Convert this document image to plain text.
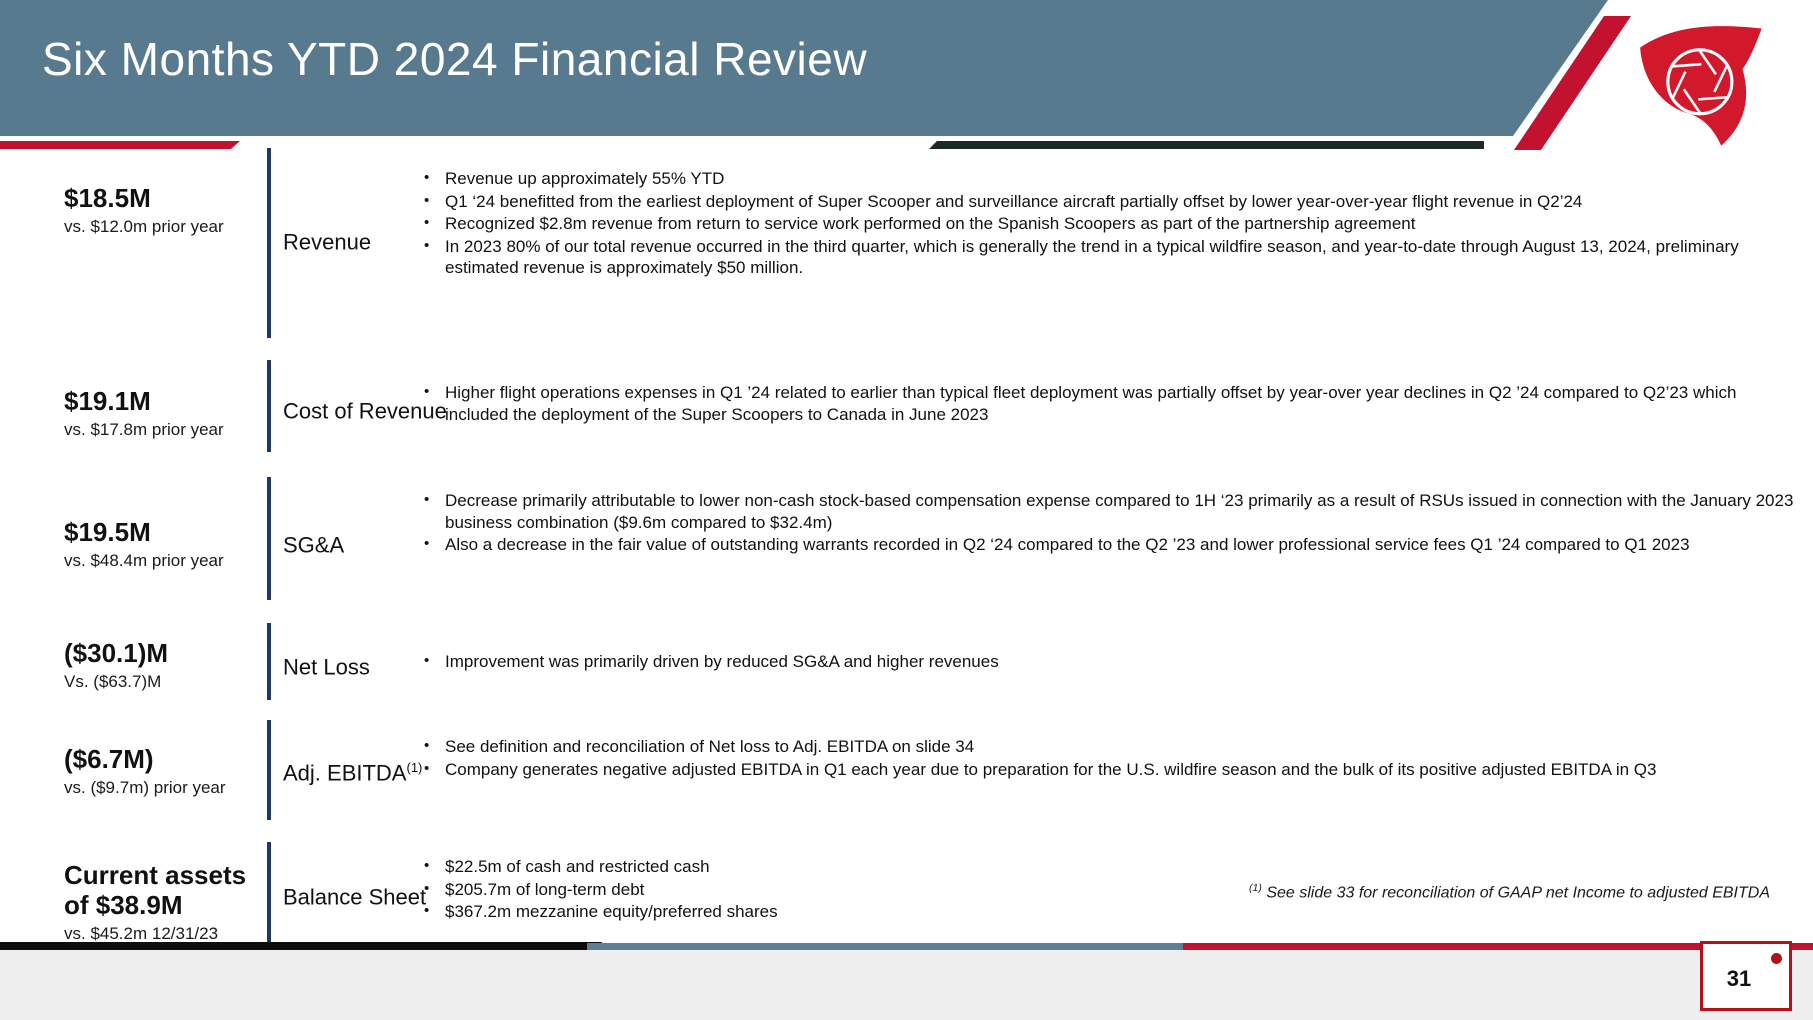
Six Months YTD 2024 Financial Review
$18.5M
vs. $12.0m prior year
Revenue
• Revenue up approximately 55% YTD
• Q1 ‘24 benefitted from the earliest deployment of Super Scooper and surveillance aircraft partially offset by lower year-over-year flight revenue in Q2’24
• Recognized $2.8m revenue from return to service work performed on the Spanish Scoopers as part of the partnership agreement
• In 2023 80% of our total revenue occurred in the third quarter, which is generally the trend in a typical wildfire season, and year-to-date through August 13, 2024, preliminary estimated revenue is approximately $50 million.
$19.1M
vs. $17.8m prior year
Cost of Revenue
• Higher flight operations expenses in Q1 ’24 related to earlier than typical fleet deployment was partially offset by year-over year declines in Q2 ’24 compared to Q2’23 which included the deployment of the Super Scoopers to Canada in June 2023
$19.5M
vs. $48.4m prior year
SG&A
• Decrease primarily attributable to lower non-cash stock-based compensation expense compared to 1H ‘23 primarily as a result of RSUs issued in connection with the January 2023 business combination ($9.6m compared to $32.4m)
• Also a decrease in the fair value of outstanding warrants recorded in Q2 ‘24 compared to the Q2 ’23 and lower professional service fees Q1 ’24 compared to Q1 2023
($30.1)M
Vs. ($63.7)M
Net Loss	• Improvement was primarily driven by reduced SG&A and higher revenues
($6.7M)
vs. ($9.7m) prior year
Adj. EBITDA$^{(1)}$
• See definition and reconciliation of Net loss to Adj. EBITDA on slide 34
• Company generates negative adjusted EBITDA in Q1 each year due to preparation for the U.S. wildfire season and the bulk of its positive adjusted EBITDA in Q3
Current assets of $38.9M
vs. $45.2m 12/31/23
Balance Sheet
• $22.5m of cash and restricted cash
• $205.7m of long-term debt
• $367.2m mezzanine equity/preferred shares
$^{(1)}$ See slide 33 for reconciliation of GAAP net Income to adjusted EBITDA
31
